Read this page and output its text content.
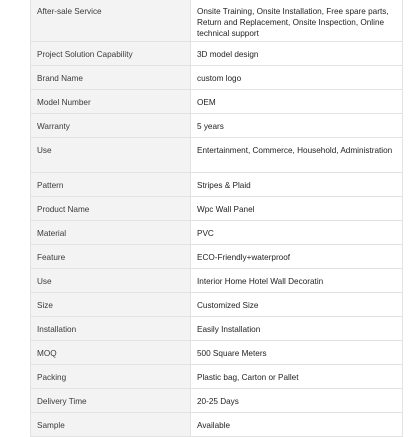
After-sale Service	Onsite Training, Onsite Installation, Free spare parts, Return and Replacement, Onsite Inspection, Online technical support

Project Solution Capability	3D model design

Brand Name	custom logo

Model Number	OEM

Warranty	5 years

Use	Entertainment, Commerce, Household, Administration

Pattern	Stripes & Plaid

Product Name	Wpc Wall Panel

Material	PVC

Feature	ECO-Friendly+waterproof

Use	Interior Home Hotel Wall Decoratin

Size	Customized Size

Installation	Easily Installation

MOQ	500 Square Meters

Packing	Plastic bag, Carton or Pallet

Delivery Time	20-25 Days

Sample	Available
